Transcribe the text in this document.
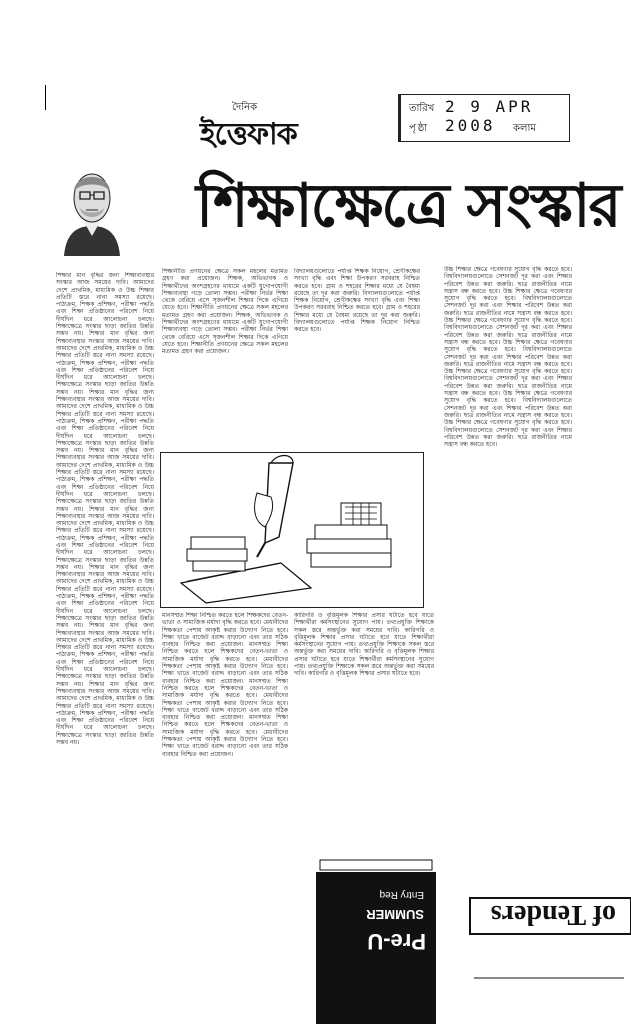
দৈনিক
ইত্তেফাক
তারিখ 2 9 APR 2008
পৃষ্ঠা	কলাম
শিক্ষাক্ষেত্রে সংস্কার
শিক্ষার মান বৃদ্ধির জন্য শিক্ষাব্যবস্থার সংস্কার আজ সময়ের দাবি। আমাদের দেশে প্রাথমিক, মাধ্যমিক ও উচ্চ শিক্ষার প্রতিটি স্তরে নানা সমস্যা রয়েছে। পাঠ্যক্রম, শিক্ষক প্রশিক্ষণ, পরীক্ষা পদ্ধতি এবং শিক্ষা প্রতিষ্ঠানের পরিবেশ নিয়ে দীর্ঘদিন ধরে আলোচনা চলছে। শিক্ষাক্ষেত্রে সংস্কার ছাড়া জাতির উন্নতি সম্ভব নয়। শিক্ষার মান বৃদ্ধির জন্য শিক্ষাব্যবস্থার সংস্কার আজ সময়ের দাবি। আমাদের দেশে প্রাথমিক, মাধ্যমিক ও উচ্চ শিক্ষার প্রতিটি স্তরে নানা সমস্যা রয়েছে। পাঠ্যক্রম, শিক্ষক প্রশিক্ষণ, পরীক্ষা পদ্ধতি এবং শিক্ষা প্রতিষ্ঠানের পরিবেশ নিয়ে দীর্ঘদিন ধরে আলোচনা চলছে। শিক্ষাক্ষেত্রে সংস্কার ছাড়া জাতির উন্নতি সম্ভব নয়। শিক্ষার মান বৃদ্ধির জন্য শিক্ষাব্যবস্থার সংস্কার আজ সময়ের দাবি। আমাদের দেশে প্রাথমিক, মাধ্যমিক ও উচ্চ শিক্ষার প্রতিটি স্তরে নানা সমস্যা রয়েছে। পাঠ্যক্রম, শিক্ষক প্রশিক্ষণ, পরীক্ষা পদ্ধতি এবং শিক্ষা প্রতিষ্ঠানের পরিবেশ নিয়ে দীর্ঘদিন ধরে আলোচনা চলছে। শিক্ষাক্ষেত্রে সংস্কার ছাড়া জাতির উন্নতি সম্ভব নয়। শিক্ষার মান বৃদ্ধির জন্য শিক্ষাব্যবস্থার সংস্কার আজ সময়ের দাবি। আমাদের দেশে প্রাথমিক, মাধ্যমিক ও উচ্চ শিক্ষার প্রতিটি স্তরে নানা সমস্যা রয়েছে। পাঠ্যক্রম, শিক্ষক প্রশিক্ষণ, পরীক্ষা পদ্ধতি এবং শিক্ষা প্রতিষ্ঠানের পরিবেশ নিয়ে দীর্ঘদিন ধরে আলোচনা চলছে। শিক্ষাক্ষেত্রে সংস্কার ছাড়া জাতির উন্নতি সম্ভব নয়। শিক্ষার মান বৃদ্ধির জন্য শিক্ষাব্যবস্থার সংস্কার আজ সময়ের দাবি। আমাদের দেশে প্রাথমিক, মাধ্যমিক ও উচ্চ শিক্ষার প্রতিটি স্তরে নানা সমস্যা রয়েছে। পাঠ্যক্রম, শিক্ষক প্রশিক্ষণ, পরীক্ষা পদ্ধতি এবং শিক্ষা প্রতিষ্ঠানের পরিবেশ নিয়ে দীর্ঘদিন ধরে আলোচনা চলছে। শিক্ষাক্ষেত্রে সংস্কার ছাড়া জাতির উন্নতি সম্ভব নয়। শিক্ষার মান বৃদ্ধির জন্য শিক্ষাব্যবস্থার সংস্কার আজ সময়ের দাবি। আমাদের দেশে প্রাথমিক, মাধ্যমিক ও উচ্চ শিক্ষার প্রতিটি স্তরে নানা সমস্যা রয়েছে। পাঠ্যক্রম, শিক্ষক প্রশিক্ষণ, পরীক্ষা পদ্ধতি এবং শিক্ষা প্রতিষ্ঠানের পরিবেশ নিয়ে দীর্ঘদিন ধরে আলোচনা চলছে। শিক্ষাক্ষেত্রে সংস্কার ছাড়া জাতির উন্নতি সম্ভব নয়। শিক্ষার মান বৃদ্ধির জন্য শিক্ষাব্যবস্থার সংস্কার আজ সময়ের দাবি। আমাদের দেশে প্রাথমিক, মাধ্যমিক ও উচ্চ শিক্ষার প্রতিটি স্তরে নানা সমস্যা রয়েছে। পাঠ্যক্রম, শিক্ষক প্রশিক্ষণ, পরীক্ষা পদ্ধতি এবং শিক্ষা প্রতিষ্ঠানের পরিবেশ নিয়ে দীর্ঘদিন ধরে আলোচনা চলছে। শিক্ষাক্ষেত্রে সংস্কার ছাড়া জাতির উন্নতি সম্ভব নয়। শিক্ষার মান বৃদ্ধির জন্য শিক্ষাব্যবস্থার সংস্কার আজ সময়ের দাবি। আমাদের দেশে প্রাথমিক, মাধ্যমিক ও উচ্চ শিক্ষার প্রতিটি স্তরে নানা সমস্যা রয়েছে। পাঠ্যক্রম, শিক্ষক প্রশিক্ষণ, পরীক্ষা পদ্ধতি এবং শিক্ষা প্রতিষ্ঠানের পরিবেশ নিয়ে দীর্ঘদিন ধরে আলোচনা চলছে। শিক্ষাক্ষেত্রে সংস্কার ছাড়া জাতির উন্নতি সম্ভব নয়।
শিক্ষানীতি প্রণয়নের ক্ষেত্রে সকল মহলের মতামত গ্রহণ করা প্রয়োজন। শিক্ষক, অভিভাবক ও শিক্ষার্থীদের অংশগ্রহণের মাধ্যমে একটি যুগোপযোগী শিক্ষাব্যবস্থা গড়ে তোলা সম্ভব। পরীক্ষা নির্ভর শিক্ষা থেকে বেরিয়ে এসে সৃজনশীল শিক্ষার দিকে এগিয়ে যেতে হবে। শিক্ষানীতি প্রণয়নের ক্ষেত্রে সকল মহলের মতামত গ্রহণ করা প্রয়োজন। শিক্ষক, অভিভাবক ও শিক্ষার্থীদের অংশগ্রহণের মাধ্যমে একটি যুগোপযোগী শিক্ষাব্যবস্থা গড়ে তোলা সম্ভব। পরীক্ষা নির্ভর শিক্ষা থেকে বেরিয়ে এসে সৃজনশীল শিক্ষার দিকে এগিয়ে যেতে হবে। শিক্ষানীতি প্রণয়নের ক্ষেত্রে সকল মহলের মতামত গ্রহণ করা প্রয়োজন।
বিদ্যালয়গুলোতে পর্যাপ্ত শিক্ষক নিয়োগ, শ্রেণীকক্ষের সংখ্যা বৃদ্ধি এবং শিক্ষা উপকরণ সরবরাহ নিশ্চিত করতে হবে। গ্রাম ও শহরের শিক্ষার মধ্যে যে বৈষম্য রয়েছে তা দূর করা জরুরি। বিদ্যালয়গুলোতে পর্যাপ্ত শিক্ষক নিয়োগ, শ্রেণীকক্ষের সংখ্যা বৃদ্ধি এবং শিক্ষা উপকরণ সরবরাহ নিশ্চিত করতে হবে। গ্রাম ও শহরের শিক্ষার মধ্যে যে বৈষম্য রয়েছে তা দূর করা জরুরি। বিদ্যালয়গুলোতে পর্যাপ্ত শিক্ষক নিয়োগ নিশ্চিত করতে হবে।
মানসম্মত শিক্ষা নিশ্চিত করতে হলে শিক্ষকদের বেতন-ভাতা ও সামাজিক মর্যাদা বৃদ্ধি করতে হবে। মেধাবীদের শিক্ষকতা পেশায় আকৃষ্ট করার উদ্যোগ নিতে হবে। শিক্ষা খাতে বাজেট বরাদ্দ বাড়ানো এবং তার সঠিক ব্যবহার নিশ্চিত করা প্রয়োজন। মানসম্মত শিক্ষা নিশ্চিত করতে হলে শিক্ষকদের বেতন-ভাতা ও সামাজিক মর্যাদা বৃদ্ধি করতে হবে। মেধাবীদের শিক্ষকতা পেশায় আকৃষ্ট করার উদ্যোগ নিতে হবে। শিক্ষা খাতে বাজেট বরাদ্দ বাড়ানো এবং তার সঠিক ব্যবহার নিশ্চিত করা প্রয়োজন। মানসম্মত শিক্ষা নিশ্চিত করতে হলে শিক্ষকদের বেতন-ভাতা ও সামাজিক মর্যাদা বৃদ্ধি করতে হবে। মেধাবীদের শিক্ষকতা পেশায় আকৃষ্ট করার উদ্যোগ নিতে হবে। শিক্ষা খাতে বাজেট বরাদ্দ বাড়ানো এবং তার সঠিক ব্যবহার নিশ্চিত করা প্রয়োজন। মানসম্মত শিক্ষা নিশ্চিত করতে হলে শিক্ষকদের বেতন-ভাতা ও সামাজিক মর্যাদা বৃদ্ধি করতে হবে। মেধাবীদের শিক্ষকতা পেশায় আকৃষ্ট করার উদ্যোগ নিতে হবে। শিক্ষা খাতে বাজেট বরাদ্দ বাড়ানো এবং তার সঠিক ব্যবহার নিশ্চিত করা প্রয়োজন।
কারিগরি ও বৃত্তিমূলক শিক্ষার প্রসার ঘটাতে হবে যাতে শিক্ষার্থীরা কর্মসংস্থানের সুযোগ পায়। তথ্যপ্রযুক্তি শিক্ষাকে সকল স্তরে অন্তর্ভুক্ত করা সময়ের দাবি। কারিগরি ও বৃত্তিমূলক শিক্ষার প্রসার ঘটাতে হবে যাতে শিক্ষার্থীরা কর্মসংস্থানের সুযোগ পায়। তথ্যপ্রযুক্তি শিক্ষাকে সকল স্তরে অন্তর্ভুক্ত করা সময়ের দাবি। কারিগরি ও বৃত্তিমূলক শিক্ষার প্রসার ঘটাতে হবে যাতে শিক্ষার্থীরা কর্মসংস্থানের সুযোগ পায়। তথ্যপ্রযুক্তি শিক্ষাকে সকল স্তরে অন্তর্ভুক্ত করা সময়ের দাবি। কারিগরি ও বৃত্তিমূলক শিক্ষার প্রসার ঘটাতে হবে।
উচ্চ শিক্ষার ক্ষেত্রে গবেষণার সুযোগ বৃদ্ধি করতে হবে। বিশ্ববিদ্যালয়গুলোতে সেশনজট দূর করা এবং শিক্ষার পরিবেশ উন্নত করা জরুরি। ছাত্র রাজনীতির নামে সন্ত্রাস বন্ধ করতে হবে। উচ্চ শিক্ষার ক্ষেত্রে গবেষণার সুযোগ বৃদ্ধি করতে হবে। বিশ্ববিদ্যালয়গুলোতে সেশনজট দূর করা এবং শিক্ষার পরিবেশ উন্নত করা জরুরি। ছাত্র রাজনীতির নামে সন্ত্রাস বন্ধ করতে হবে। উচ্চ শিক্ষার ক্ষেত্রে গবেষণার সুযোগ বৃদ্ধি করতে হবে। বিশ্ববিদ্যালয়গুলোতে সেশনজট দূর করা এবং শিক্ষার পরিবেশ উন্নত করা জরুরি। ছাত্র রাজনীতির নামে সন্ত্রাস বন্ধ করতে হবে। উচ্চ শিক্ষার ক্ষেত্রে গবেষণার সুযোগ বৃদ্ধি করতে হবে। বিশ্ববিদ্যালয়গুলোতে সেশনজট দূর করা এবং শিক্ষার পরিবেশ উন্নত করা জরুরি। ছাত্র রাজনীতির নামে সন্ত্রাস বন্ধ করতে হবে। উচ্চ শিক্ষার ক্ষেত্রে গবেষণার সুযোগ বৃদ্ধি করতে হবে। বিশ্ববিদ্যালয়গুলোতে সেশনজট দূর করা এবং শিক্ষার পরিবেশ উন্নত করা জরুরি। ছাত্র রাজনীতির নামে সন্ত্রাস বন্ধ করতে হবে। উচ্চ শিক্ষার ক্ষেত্রে গবেষণার সুযোগ বৃদ্ধি করতে হবে। বিশ্ববিদ্যালয়গুলোতে সেশনজট দূর করা এবং শিক্ষার পরিবেশ উন্নত করা জরুরি। ছাত্র রাজনীতির নামে সন্ত্রাস বন্ধ করতে হবে। উচ্চ শিক্ষার ক্ষেত্রে গবেষণার সুযোগ বৃদ্ধি করতে হবে। বিশ্ববিদ্যালয়গুলোতে সেশনজট দূর করা এবং শিক্ষার পরিবেশ উন্নত করা জরুরি। ছাত্র রাজনীতির নামে সন্ত্রাস বন্ধ করতে হবে।
Pre-U
SUMMER
Entry Req
of Tenders
